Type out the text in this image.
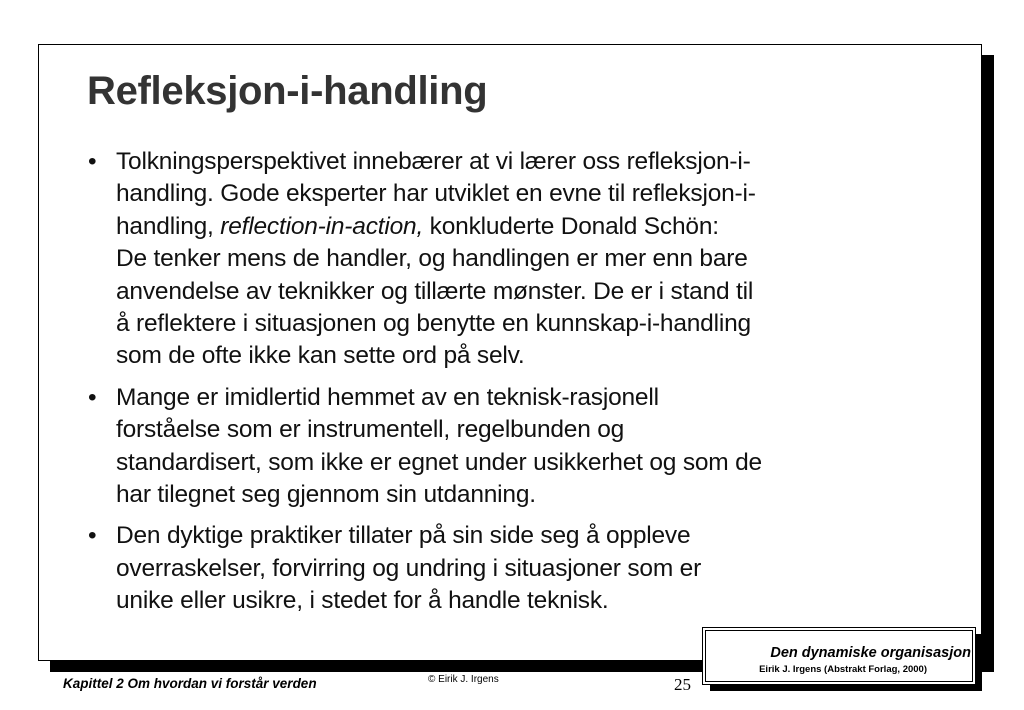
Refleksjon-i-handling
• Tolkningsperspektivet innebærer at vi lærer oss refleksjon-i-
handling. Gode eksperter har utviklet en evne til refleksjon-i-
handling, reflection-in-action, konkluderte Donald Schön:
De tenker mens de handler, og handlingen er mer enn bare
anvendelse av teknikker og tillærte mønster. De er i stand til
å reflektere i situasjonen og benytte en kunnskap-i-handling
som de ofte ikke kan sette ord på selv.
• Mange er imidlertid hemmet av en teknisk-rasjonell
forståelse som er instrumentell, regelbunden og
standardisert, som ikke er egnet under usikkerhet og som de
har tilegnet seg gjennom sin utdanning.
• Den dyktige praktiker tillater på sin side seg å oppleve
overraskelser, forvirring og undring i situasjoner som er
unike eller usikre, i stedet for å handle teknisk.
Kapittel 2 Om hvordan vi forstår verden	© Eirik J. Irgens	25
Den dynamiske organisasjon
Eirik J. Irgens (Abstrakt Forlag, 2000)
